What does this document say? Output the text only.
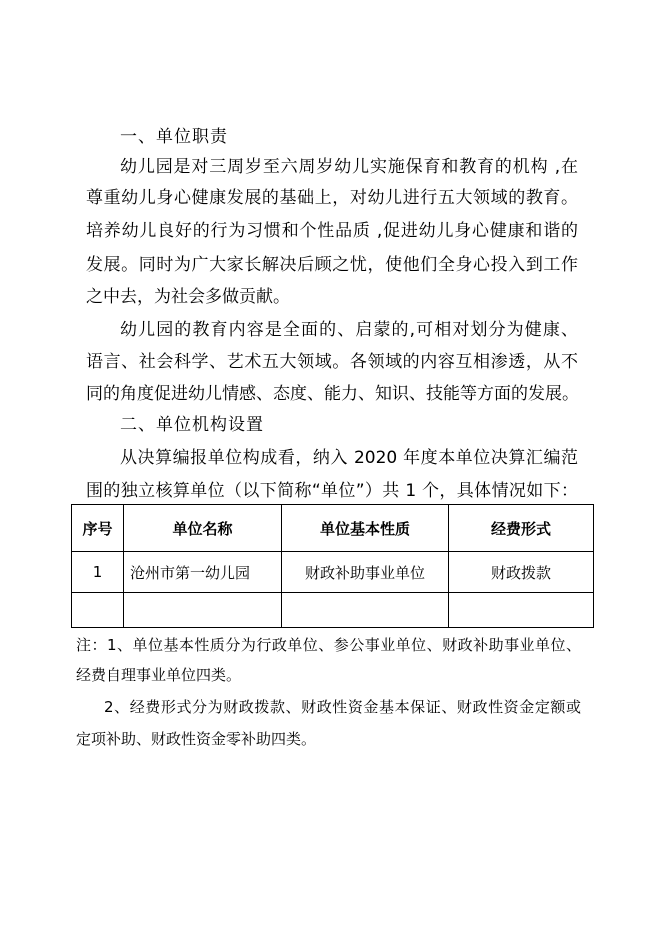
一、单位职责
幼儿园是对三周岁至六周岁幼儿实施保育和教育的机构 ,在
尊重幼儿身心健康发展的基础上，对幼儿进行五大领域的教育。
培养幼儿良好的行为习惯和个性品质 ,促进幼儿身心健康和谐的
发展。同时为广大家长解决后顾之忧，使他们全身心投入到工作
之中去，为社会多做贡献。
幼儿园的教育内容是全面的、启蒙的,可相对划分为健康、
语言、社会科学、艺术五大领域。各领域的内容互相渗透，从不
同的角度促进幼儿情感、态度、能力、知识、技能等方面的发展。
二、单位机构设置
从决算编报单位构成看，纳入 2020 年度本单位决算汇编范
围的独立核算单位（以下简称“单位”）共 1 个，具体情况如下：
序号	单位名称	单位基本性质	经费形式
1	沧州市第一幼儿园	财政补助事业单位	财政拨款

注：1、单位基本性质分为行政单位、参公事业单位、财政补助事业单位、
经费自理事业单位四类。
2、经费形式分为财政拨款、财政性资金基本保证、财政性资金定额或
定项补助、财政性资金零补助四类。
